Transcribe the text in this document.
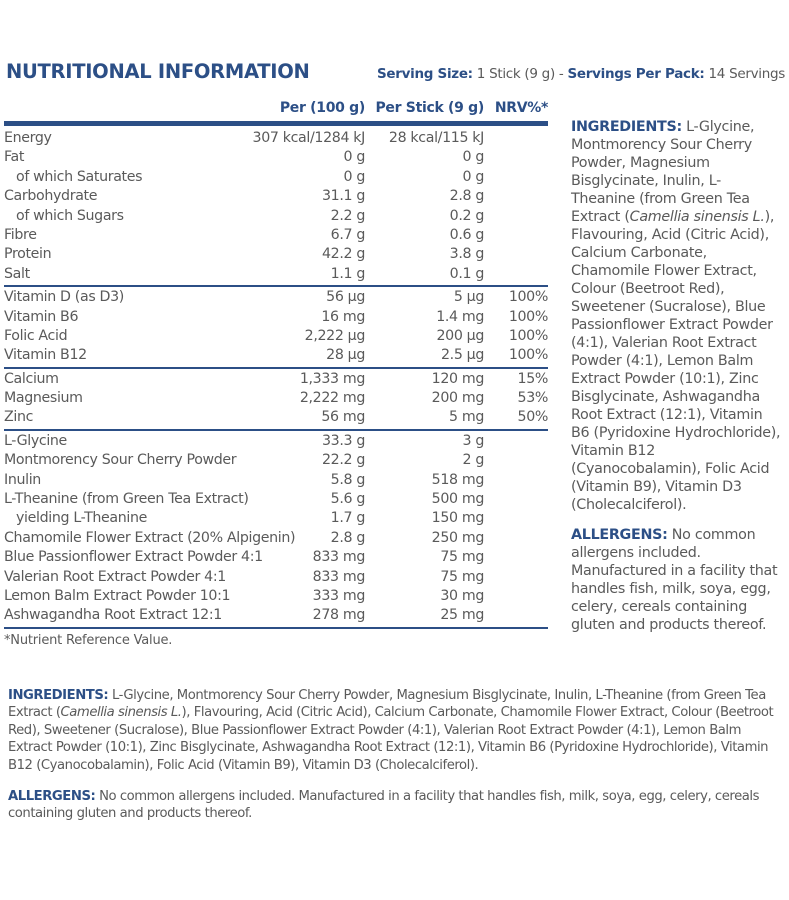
NUTRITIONAL INFORMATION	Serving Size: 1 Stick (9 g) - Servings Per Pack: 14 Servings
Per (100 g) Per Stick (9 g) NRV%*
Energy	307 kcal/1284 kJ 28 kcal/115 kJ
Fat	0 g	0 g
of which Saturates	0 g	0 g
Carbohydrate	31.1 g	2.8 g
of which Sugars	2.2 g	0.2 g
Fibre	6.7 g	0.6 g
Protein	42.2 g	3.8 g
Salt	1.1 g	0.1 g
Vitamin D (as D3)	56 µg	5 µg 100%
Vitamin B6	16 mg	1.4 mg 100%
Folic Acid	2,222 µg	200 µg 100%
Vitamin B12	28 µg	2.5 µg 100%
Calcium	1,333 mg	120 mg 15%
Magnesium	2,222 mg	200 mg 53%
Zinc	56 mg	5 mg 50%
L-Glycine	33.3 g	3 g
Montmorency Sour Cherry Powder	22.2 g	2 g
Inulin	5.8 g	518 mg
L-Theanine (from Green Tea Extract)	5.6 g	500 mg
yielding L-Theanine	1.7 g	150 mg
Chamomile Flower Extract (20% Alpigenin) 2.8 g	250 mg
Blue Passionflower Extract Powder 4:1	833 mg	75 mg
Valerian Root Extract Powder 4:1	833 mg	75 mg
Lemon Balm Extract Powder 10:1	333 mg	30 mg
Ashwagandha Root Extract 12:1	278 mg	25 mg
*Nutrient Reference Value.

INGREDIENTS: L-Glycine, Montmorency Sour Cherry Powder, Magnesium Bisglycinate, Inulin, L-Theanine (from Green Tea Extract (Camellia sinensis L.), Flavouring, Acid (Citric Acid), Calcium Carbonate, Chamomile Flower Extract, Colour (Beetroot Red), Sweetener (Sucralose), Blue Passionflower Extract Powder (4:1), Valerian Root Extract Powder (4:1), Lemon Balm Extract Powder (10:1), Zinc Bisglycinate, Ashwagandha Root Extract (12:1), Vitamin B6 (Pyridoxine Hydrochloride), Vitamin B12 (Cyanocobalamin), Folic Acid (Vitamin B9), Vitamin D3 (Cholecalciferol).

ALLERGENS: No common allergens included. Manufactured in a facility that handles fish, milk, soya, egg, celery, cereals containing gluten and products thereof.

INGREDIENTS: L-Glycine, Montmorency Sour Cherry Powder, Magnesium Bisglycinate, Inulin, L-Theanine (from Green Tea Extract (Camellia sinensis L.), Flavouring, Acid (Citric Acid), Calcium Carbonate, Chamomile Flower Extract, Colour (Beetroot Red), Sweetener (Sucralose), Blue Passionflower Extract Powder (4:1), Valerian Root Extract Powder (4:1), Lemon Balm Extract Powder (10:1), Zinc Bisglycinate, Ashwagandha Root Extract (12:1), Vitamin B6 (Pyridoxine Hydrochloride), Vitamin B12 (Cyanocobalamin), Folic Acid (Vitamin B9), Vitamin D3 (Cholecalciferol).

ALLERGENS: No common allergens included. Manufactured in a facility that handles fish, milk, soya, egg, celery, cereals containing gluten and products thereof.
